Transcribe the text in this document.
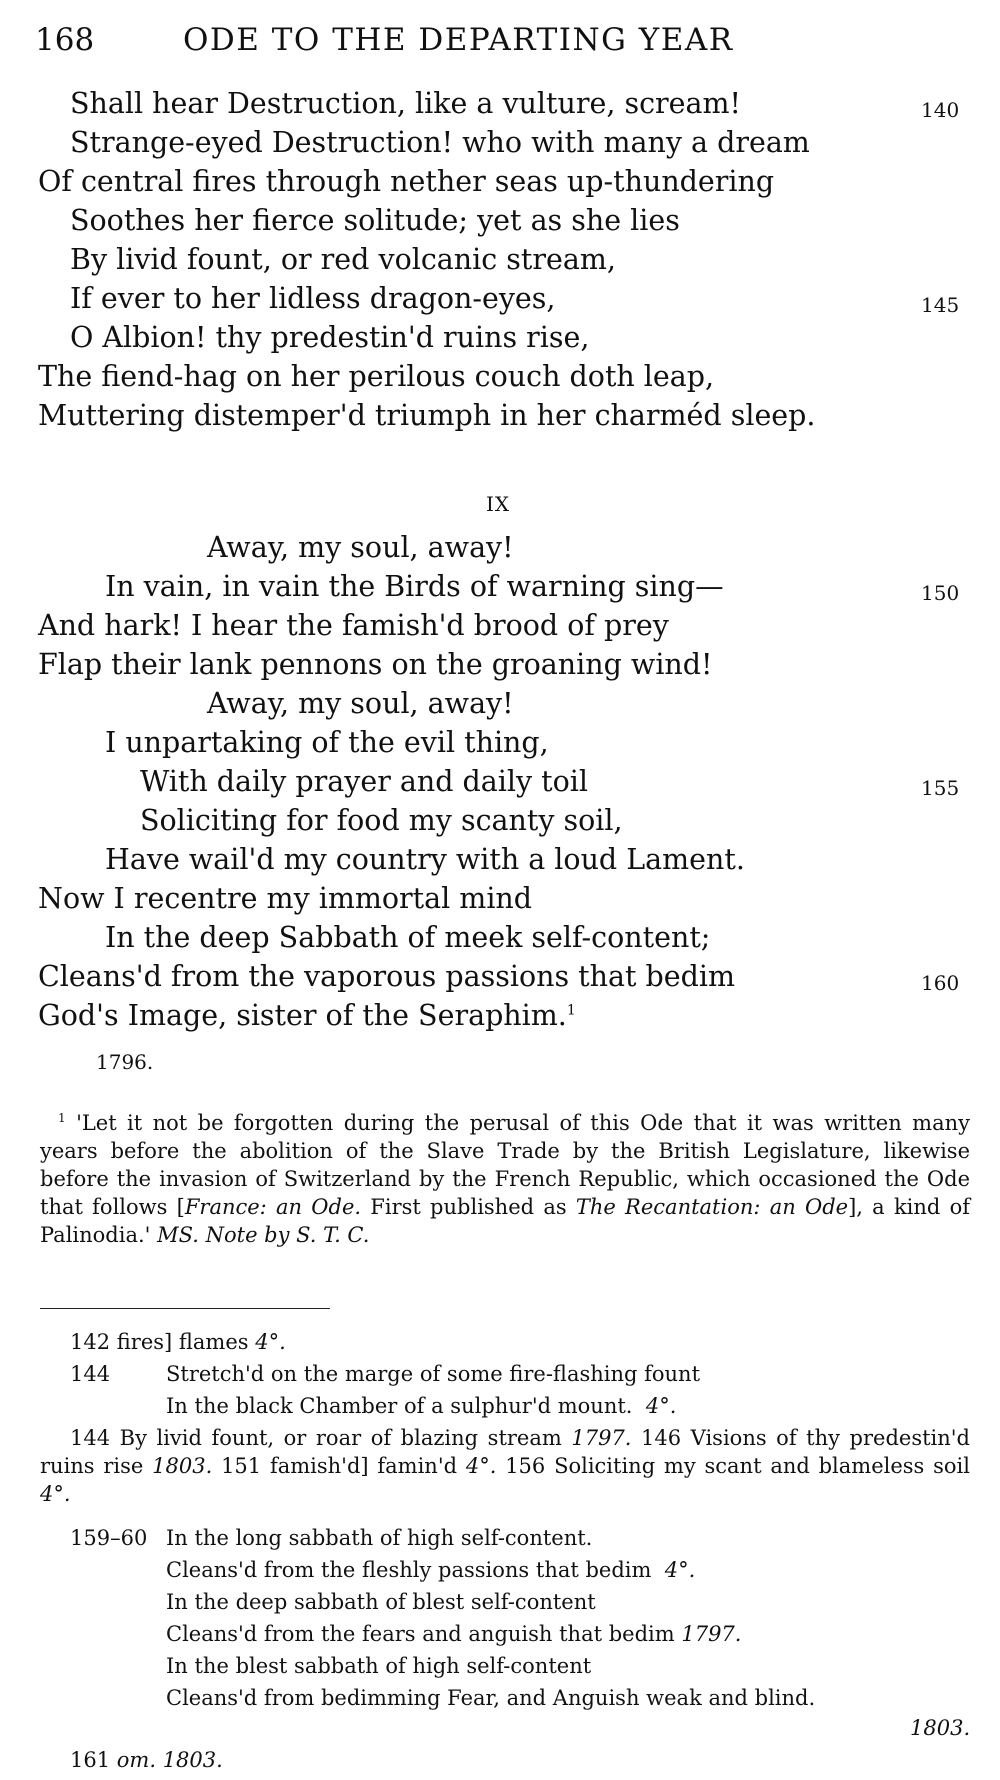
168	ODE TO THE DEPARTING YEAR
Shall hear Destruction, like a vulture, scream!	140
Strange-eyed Destruction! who with many a dream
Of central fires through nether seas up-thundering
Soothes her fierce solitude; yet as she lies
By livid fount, or red volcanic stream,
If ever to her lidless dragon-eyes,	145
O Albion! thy predestin'd ruins rise,
The fiend-hag on her perilous couch doth leap,
Muttering distemper'd triumph in her charméd sleep.
IX
Away, my soul, away!
In vain, in vain the Birds of warning sing—	150
And hark! I hear the famish'd brood of prey
Flap their lank pennons on the groaning wind!
Away, my soul, away!
I unpartaking of the evil thing,
With daily prayer and daily toil	155
Soliciting for food my scanty soil,
Have wail'd my country with a loud Lament.
Now I recentre my immortal mind
In the deep Sabbath of meek self-content;
Cleans'd from the vaporous passions that bedim	160
God's Image, sister of the Seraphim.$^1$
1796.

$^1$ 'Let it not be forgotten during the perusal of this Ode that it was written many years before the abolition of the Slave Trade by the British Legislature, likewise before the invasion of Switzerland by the French Republic, which occasioned the Ode that follows [France: an Ode. First published as The Recantation: an Ode], a kind of Palinodia.' MS. Note by S. T. C.

142 fires] flames 4°.
144	Stretch'd on the marge of some fire-flashing fount
In the black Chamber of a sulphur'd mount. 4°.

144 By livid fount, or roar of blazing stream 1797. 146 Visions of thy predestin'd ruins rise 1803. 151 famish'd] famin'd 4°. 156 Soliciting my scant and blameless soil 4°.

159–60 In the long sabbath of high self-content.
Cleans'd from the fleshly passions that bedim 4°.
In the deep sabbath of blest self-content
Cleans'd from the fears and anguish that bedim 1797.
In the blest sabbath of high self-content
Cleans'd from bedimming Fear, and Anguish weak and blind.
1803.
161 om. 1803.
